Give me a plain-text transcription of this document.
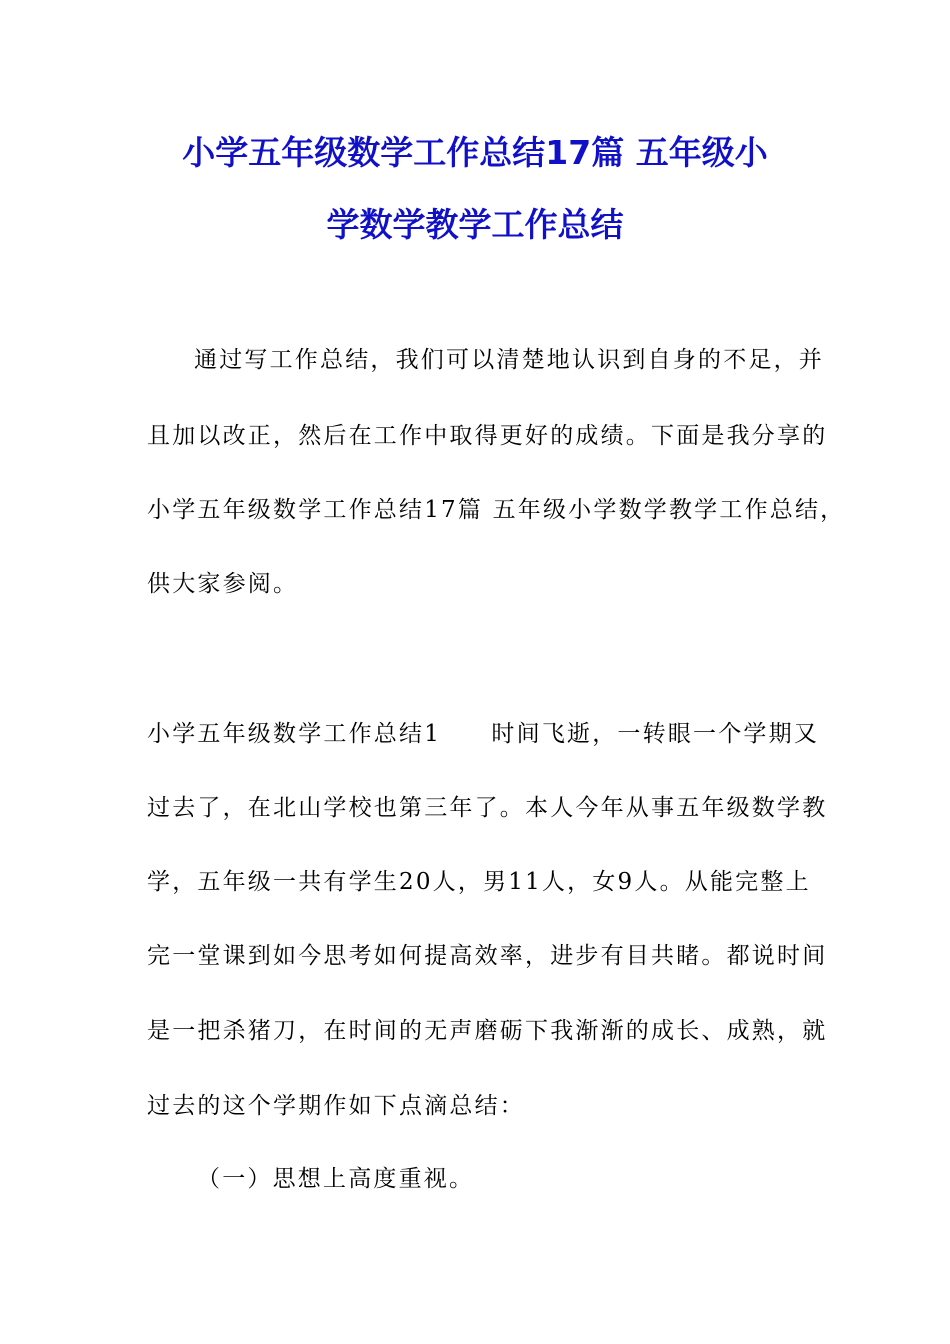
小学五年级数学工作总结17篇 五年级小
学数学教学工作总结

通过写工作总结，我们可以清楚地认识到自身的不足，并

且加以改正，然后在工作中取得更好的成绩。下面是我分享的

小学五年级数学工作总结17篇 五年级小学数学教学工作总结，

供大家参阅。

小学五年级数学工作总结1　　时间飞逝，一转眼一个学期又

过去了，在北山学校也第三年了。本人今年从事五年级数学教

学，五年级一共有学生20人，男11人，女9人。从能完整上

完一堂课到如今思考如何提高效率，进步有目共睹。都说时间

是一把杀猪刀，在时间的无声磨砺下我渐渐的成长、成熟，就

过去的这个学期作如下点滴总结：

（一）思想上高度重视。
